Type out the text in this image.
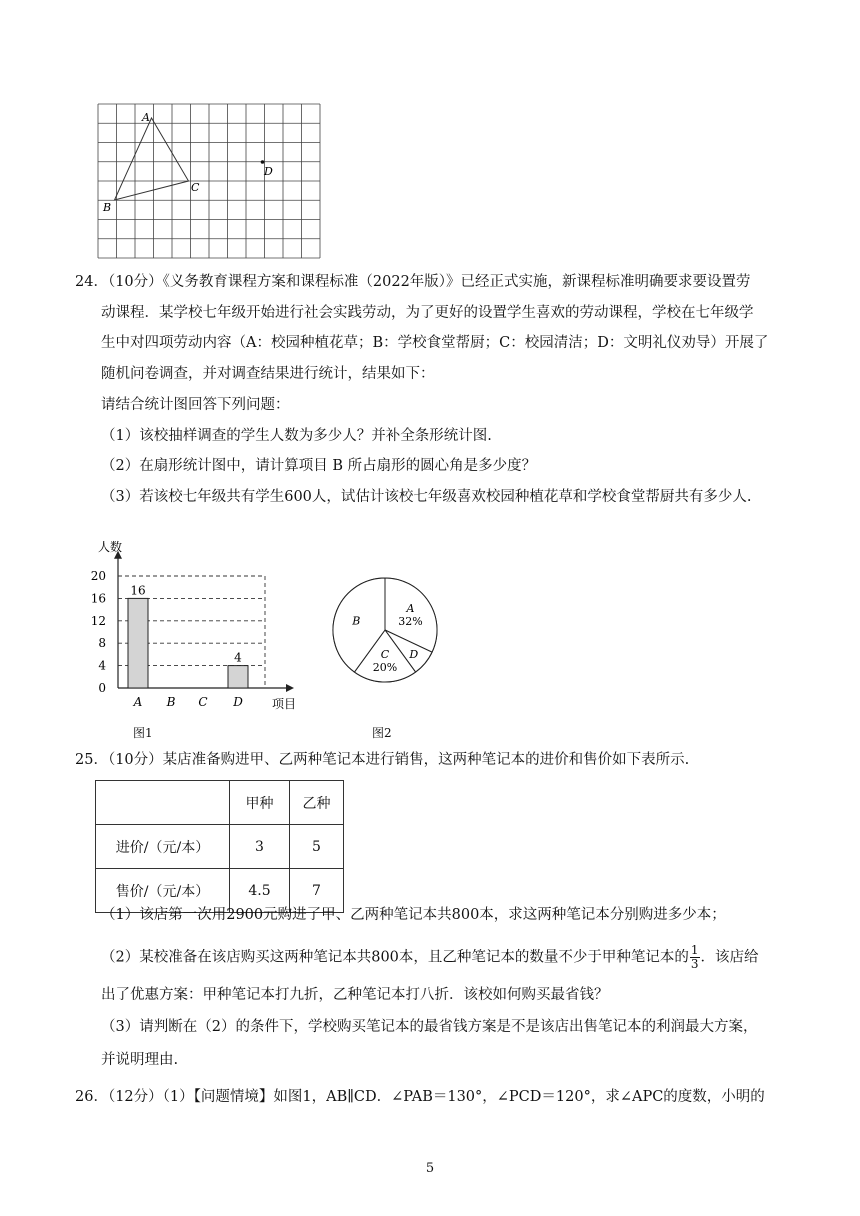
A
B
C
D
24．（10分）《义务教育课程方案和课程标准（2022年版）》已经正式实施，新课程标准明确要求要设置劳
动课程．某学校七年级开始进行社会实践劳动，为了更好的设置学生喜欢的劳动课程，学校在七年级学
生中对四项劳动内容（A：校园种植花草；B：学校食堂帮厨；C：校园清洁；D：文明礼仪劝导）开展了
随机问卷调查，并对调查结果进行统计，结果如下：
请结合统计图回答下列问题：
（1）该校抽样调查的学生人数为多少人？并补全条形统计图.
（2）在扇形统计图中，请计算项目 B 所占扇形的圆心角是多少度？
（3）若该校七年级共有学生600人，试估计该校七年级喜欢校园种植花草和学校食堂帮厨共有多少人.
0
4
8
12
16
20
16
A B C
4
D
人数
项目
图1
A
32%
D
C
20%
B
图2
25．（10分）某店准备购进甲、乙两种笔记本进行销售，这两种笔记本的进价和售价如下表所示.
	甲种	乙种
进价/（元/本）	3	5
售价/（元/本）	4.5	7
（1）该店第一次用2900元购进了甲、乙两种笔记本共800本，求这两种笔记本分别购进多少本；
（2）某校准备在该店购买这两种笔记本共800本，且乙种笔记本的数量不少于甲种笔记本的 $\frac{1}{3}$ ．该店给
出了优惠方案：甲种笔记本打九折，乙种笔记本打八折．该校如何购买最省钱？
（3）请判断在（2）的条件下，学校购买笔记本的最省钱方案是不是该店出售笔记本的利润最大方案，
并说明理由.
26．（12分）（1）【问题情境】如图1，AB∥CD．∠PAB＝130°，∠PCD＝120°，求∠APC的度数，小明的
5
